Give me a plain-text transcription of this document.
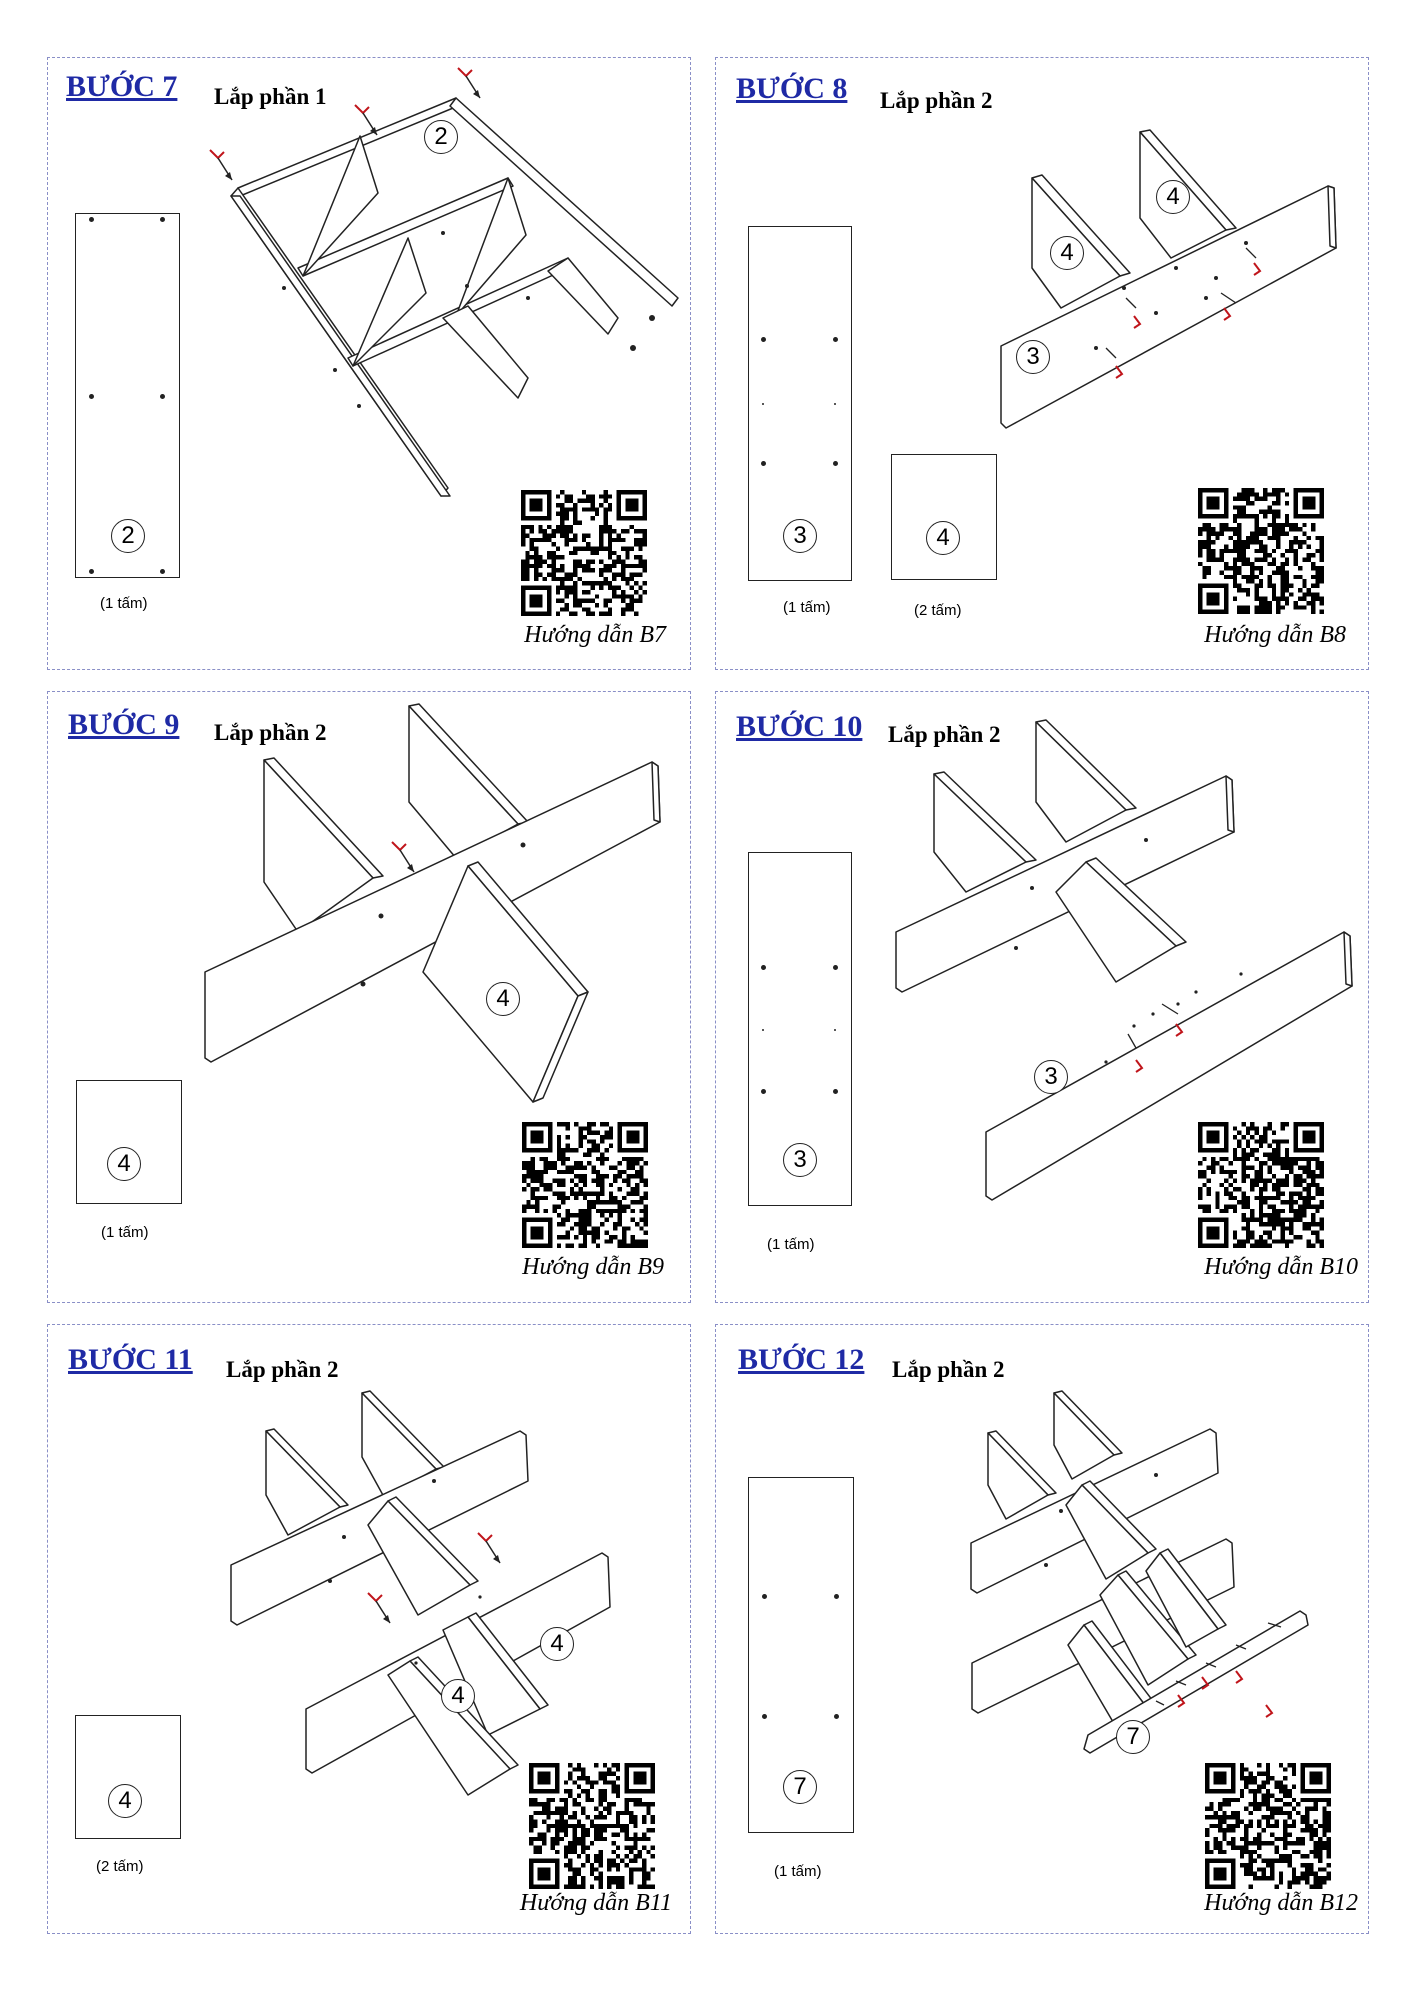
BƯỚC 7 Lắp phần 1
2
(1 tấm)
2
Hướng dẫn B7
BƯỚC 8 Lắp phần 2
3
(1 tấm)
4
(2 tấm)
4
4
3
Hướng dẫn B8
BƯỚC 9 Lắp phần 2
4
(1 tấm)
4
Hướng dẫn B9
BƯỚC 10 Lắp phần 2
3
(1 tấm)
3
Hướng dẫn B10
BƯỚC 11 Lắp phần 2
4
(2 tấm)
4
4
Hướng dẫn B11
BƯỚC 12 Lắp phần 2
7
(1 tấm)
7
Hướng dẫn B12
